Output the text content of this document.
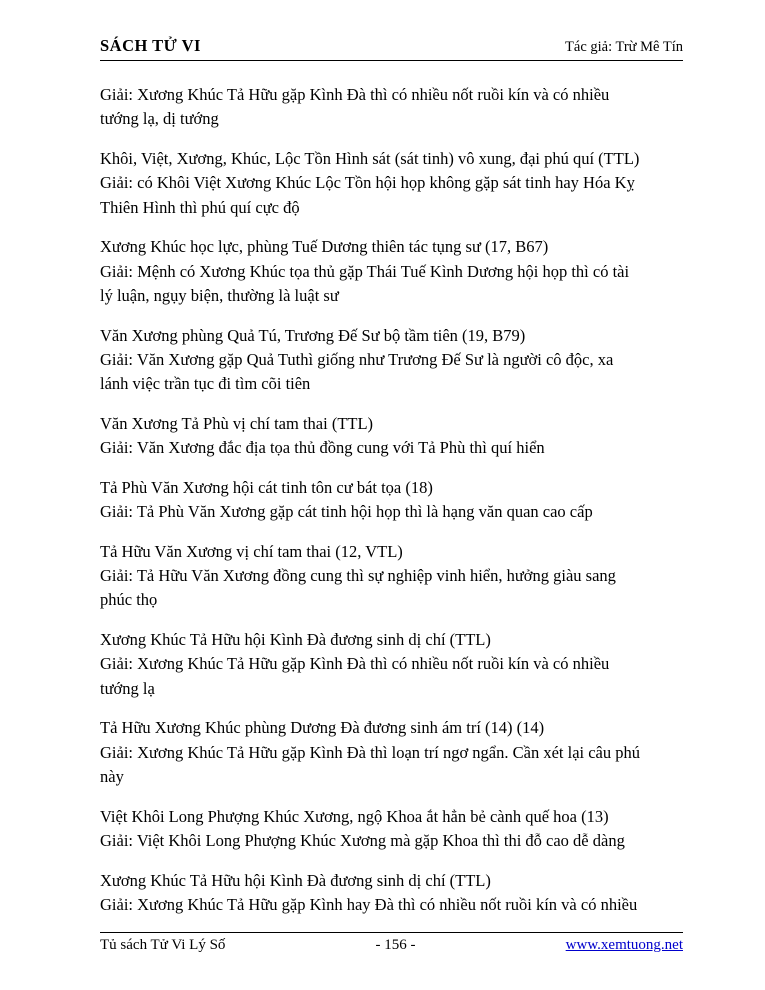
SÁCH TỬ VI	Tác giả: Trừ Mê Tín

Giải: Xương Khúc Tả Hữu gặp Kình Đà thì có nhiều nốt ruồi kín và có nhiều

tướng lạ, dị tướng

Khôi, Việt, Xương, Khúc, Lộc Tồn Hình sát (sát tinh) vô xung, đại phú quí (TTL)

Giải: có Khôi Việt Xương Khúc Lộc Tồn hội họp không gặp sát tinh hay Hóa Kỵ

Thiên Hình thì phú quí cực độ

Xương Khúc học lực, phùng Tuế Dương thiên tác tụng sư (17, B67)

Giải: Mệnh có Xương Khúc tọa thủ gặp Thái Tuế Kình Dương hội họp thì có tài

lý luận, ngụy biện, thường là luật sư

Văn Xương phùng Quả Tú, Trương Đế Sư bộ tầm tiên (19, B79)

Giải: Văn Xương gặp Quả Tuthì giống như Trương Đế Sư là người cô độc, xa

lánh việc trần tục đi tìm cõi tiên

Văn Xương Tả Phù vị chí tam thai (TTL)

Giải: Văn Xương đắc địa tọa thủ đồng cung với Tả Phù thì quí hiển

Tả Phù Văn Xương hội cát tinh tôn cư bát tọa (18)

Giải: Tả Phù Văn Xương gặp cát tinh hội họp thì là hạng văn quan cao cấp

Tả Hữu Văn Xương vị chí tam thai (12, VTL)

Giải: Tả Hữu Văn Xương đồng cung thì sự nghiệp vinh hiển, hưởng giàu sang

phúc thọ

Xương Khúc Tả Hữu hội Kình Đà đương sinh dị chí (TTL)

Giải: Xương Khúc Tả Hữu gặp Kình Đà thì có nhiều nốt ruồi kín và có nhiều

tướng lạ

Tả Hữu Xương Khúc phùng Dương Đà đương sinh ám trí (14) (14)

Giải: Xương Khúc Tả Hữu gặp Kình Đà thì loạn trí ngơ ngẩn. Cần xét lại câu phú

này

Việt Khôi Long Phượng Khúc Xương, ngộ Khoa ắt hẳn bẻ cành quế hoa (13)

Giải: Việt Khôi Long Phượng Khúc Xương mà gặp Khoa thì thi đỗ cao dễ dàng

Xương Khúc Tả Hữu hội Kình Đà đương sinh dị chí (TTL)

Giải: Xương Khúc Tả Hữu gặp Kình hay Đà thì có nhiều nốt ruồi kín và có nhiều

Tủ sách Tử Vi Lý Số	- 156 -	www.xemtuong.net
